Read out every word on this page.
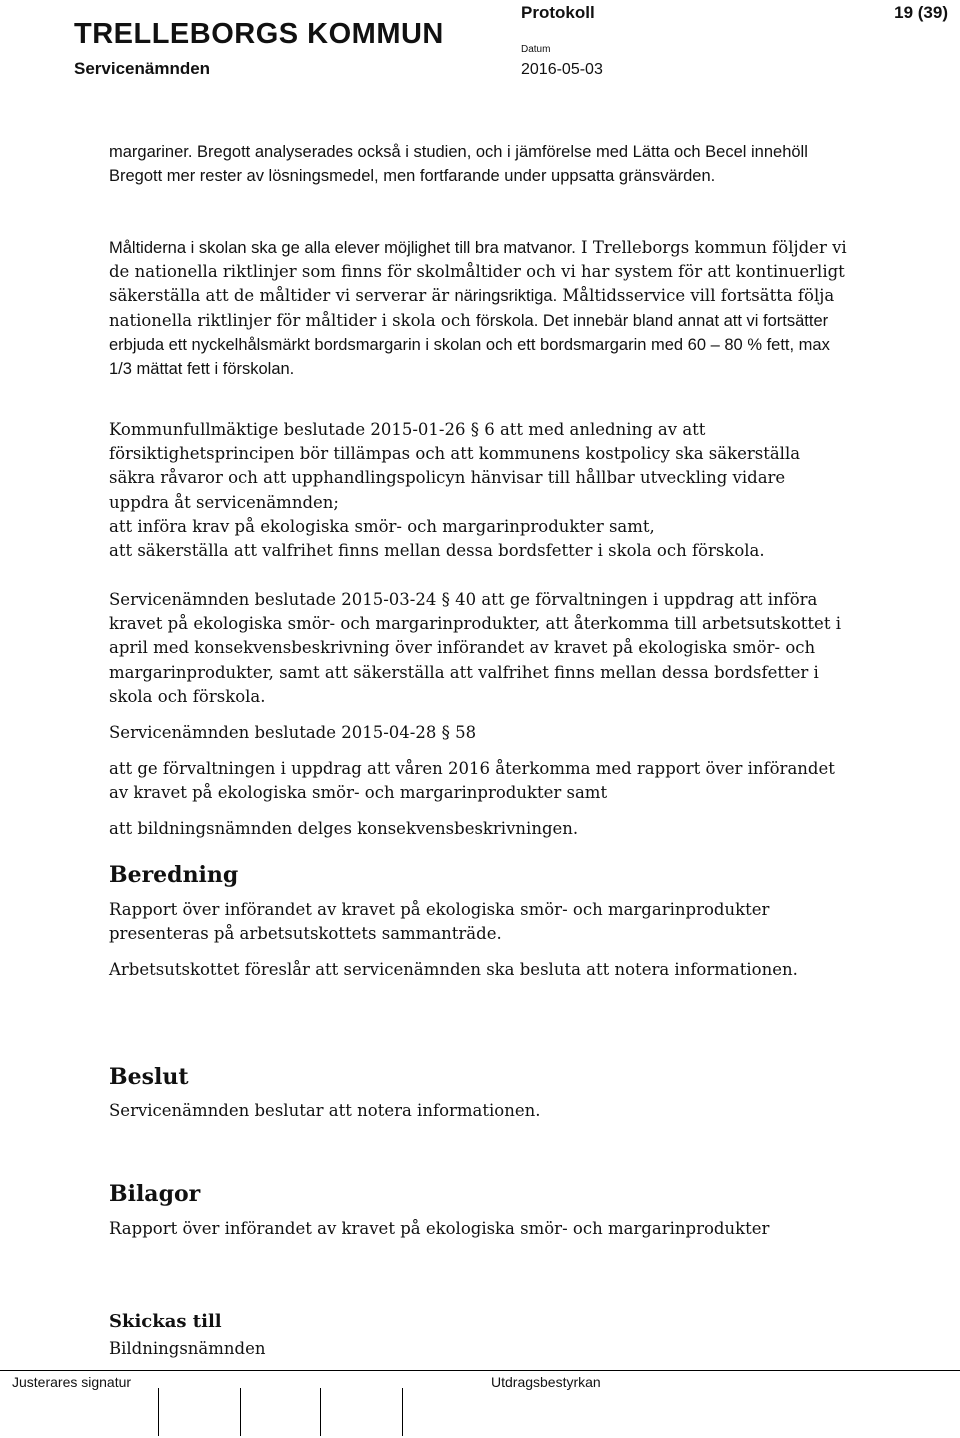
TRELLEBORGS KOMMUN
Servicenämnden
Protokoll	19 (39)
Datum
2016-05-03

margariner. Bregott analyserades också i studien, och i jämförelse med Lätta och Becel innehöll Bregott mer rester av lösningsmedel, men fortfarande under uppsatta gränsvärden.

Måltiderna i skolan ska ge alla elever möjlighet till bra matvanor. I Trelleborgs kommun följder vi de nationella riktlinjer som finns för skolmåltider och vi har system för att kontinuerligt säkerställa att de måltider vi serverar är näringsriktiga. Måltidsservice vill fortsätta följa nationella riktlinjer för måltider i skola och förskola. Det innebär bland annat att vi fortsätter erbjuda ett nyckelhålsmärkt bordsmargarin i skolan och ett bordsmargarin med 60 – 80 % fett, max 1/3 mättat fett i förskolan.

Kommunfullmäktige beslutade 2015-01-26 § 6 att med anledning av att försiktighetsprincipen bör tillämpas och att kommunens kostpolicy ska säkerställa säkra råvaror och att upphandlingspolicyn hänvisar till hållbar utveckling vidare uppdra åt servicenämnden;

att införa krav på ekologiska smör- och margarinprodukter samt,

att säkerställa att valfrihet finns mellan dessa bordsfetter i skola och förskola.

Servicenämnden beslutade 2015-03-24 § 40 att ge förvaltningen i uppdrag att införa kravet på ekologiska smör- och margarinprodukter, att återkomma till arbetsutskottet i april med konsekvensbeskrivning över införandet av kravet på ekologiska smör- och margarinprodukter, samt att säkerställa att valfrihet finns mellan dessa bordsfetter i skola och förskola.

Servicenämnden beslutade 2015-04-28 § 58

att ge förvaltningen i uppdrag att våren 2016 återkomma med rapport över införandet av kravet på ekologiska smör- och margarinprodukter samt

att bildningsnämnden delges konsekvensbeskrivningen.

Beredning

Rapport över införandet av kravet på ekologiska smör- och margarinprodukter presenteras på arbetsutskottets sammanträde.

Arbetsutskottet föreslår att servicenämnden ska besluta att notera informationen.

Beslut

Servicenämnden beslutar att notera informationen.

Bilagor

Rapport över införandet av kravet på ekologiska smör- och margarinprodukter

Skickas till

Bildningsnämnden

Justerares signatur	Utdragsbestyrkan
